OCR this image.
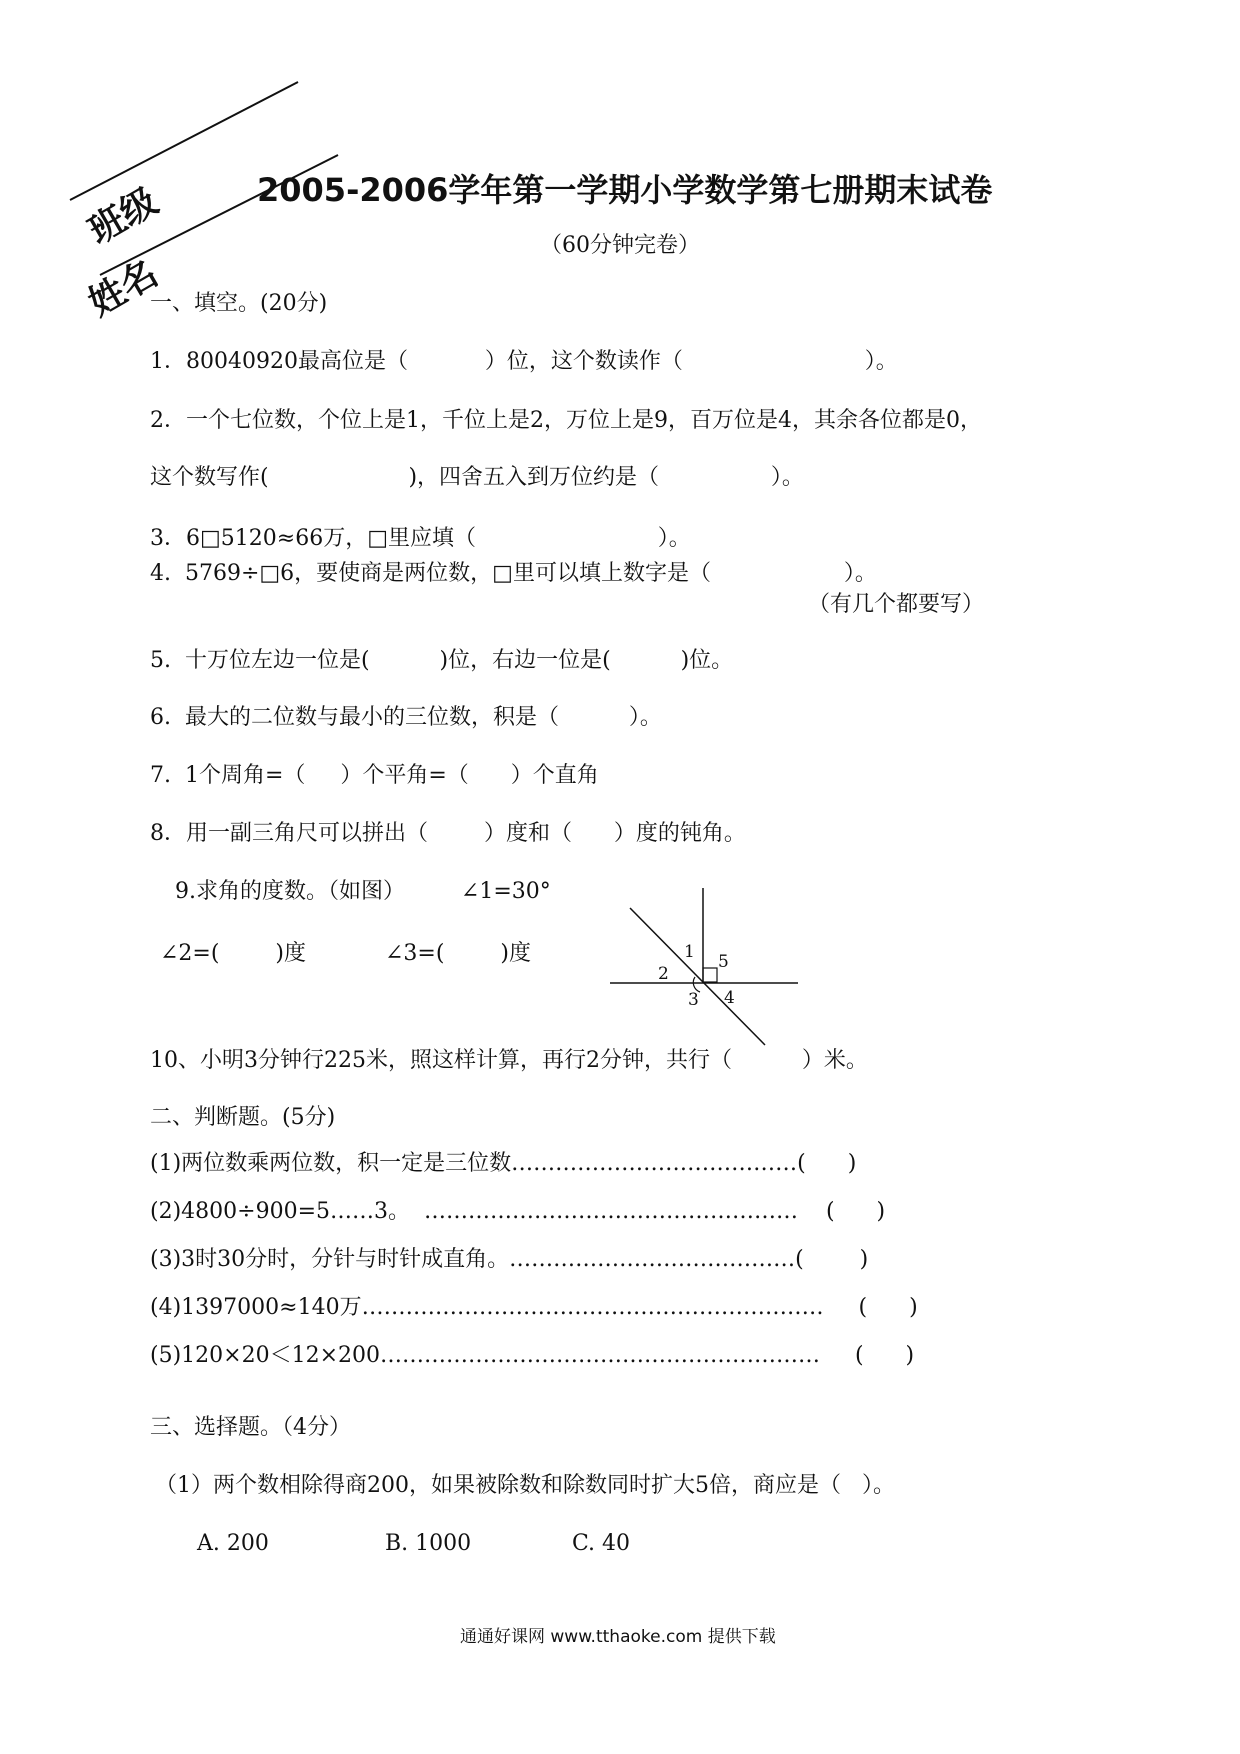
班级
姓名
2005-2006学年第一学期小学数学第七册期末试卷
（60分钟完卷）
一、填空。(20分)
1．80040920最高位是（           ）位，这个数读作（                          ）。
2．一个七位数，个位上是1，千位上是2，万位上是9，百万位是4，其余各位都是0，
这个数写作(                    )，四舍五入到万位约是（                ）。
3．6□5120≈66万，□里应填（                          ）。
4.  5769÷□6，要使商是两位数，□里可以填上数字是（                   ）。
（有几个都要写）
5.  十万位左边一位是(          )位，右边一位是(          )位。
6.  最大的二位数与最小的三位数，积是（          ）。
7.  1个周角=（     ）个平角=（      ）个直角
8．用一副三角尺可以拼出（        ）度和（      ）度的钝角。
9.求角的度数。（如图）        ∠1=30°
∠2=(        )度	∠3=(        )度	1
2
5
3 4
10、小明3分钟行225米，照这样计算，再行2分钟，共行（          ）米。
二、判断题。(5分)
(1)两位数乘两位数，积一定是三位数…………………………………(      )
(2)4800÷900=5……3。  ……………………………………………    (      )
(3)3时30分时，分针与时针成直角。…………………………………(        )
(4)1397000≈140万………………………………………………………     (      )
(5)120×20＜12×200……………………………………………………     (      )
三、选择题。（4分）
（1）两个数相除得商200，如果被除数和除数同时扩大5倍，商应是（   ）。
A. 200	B. 1000	C. 40
通通好课网 www.tthaoke.com 提供下载
